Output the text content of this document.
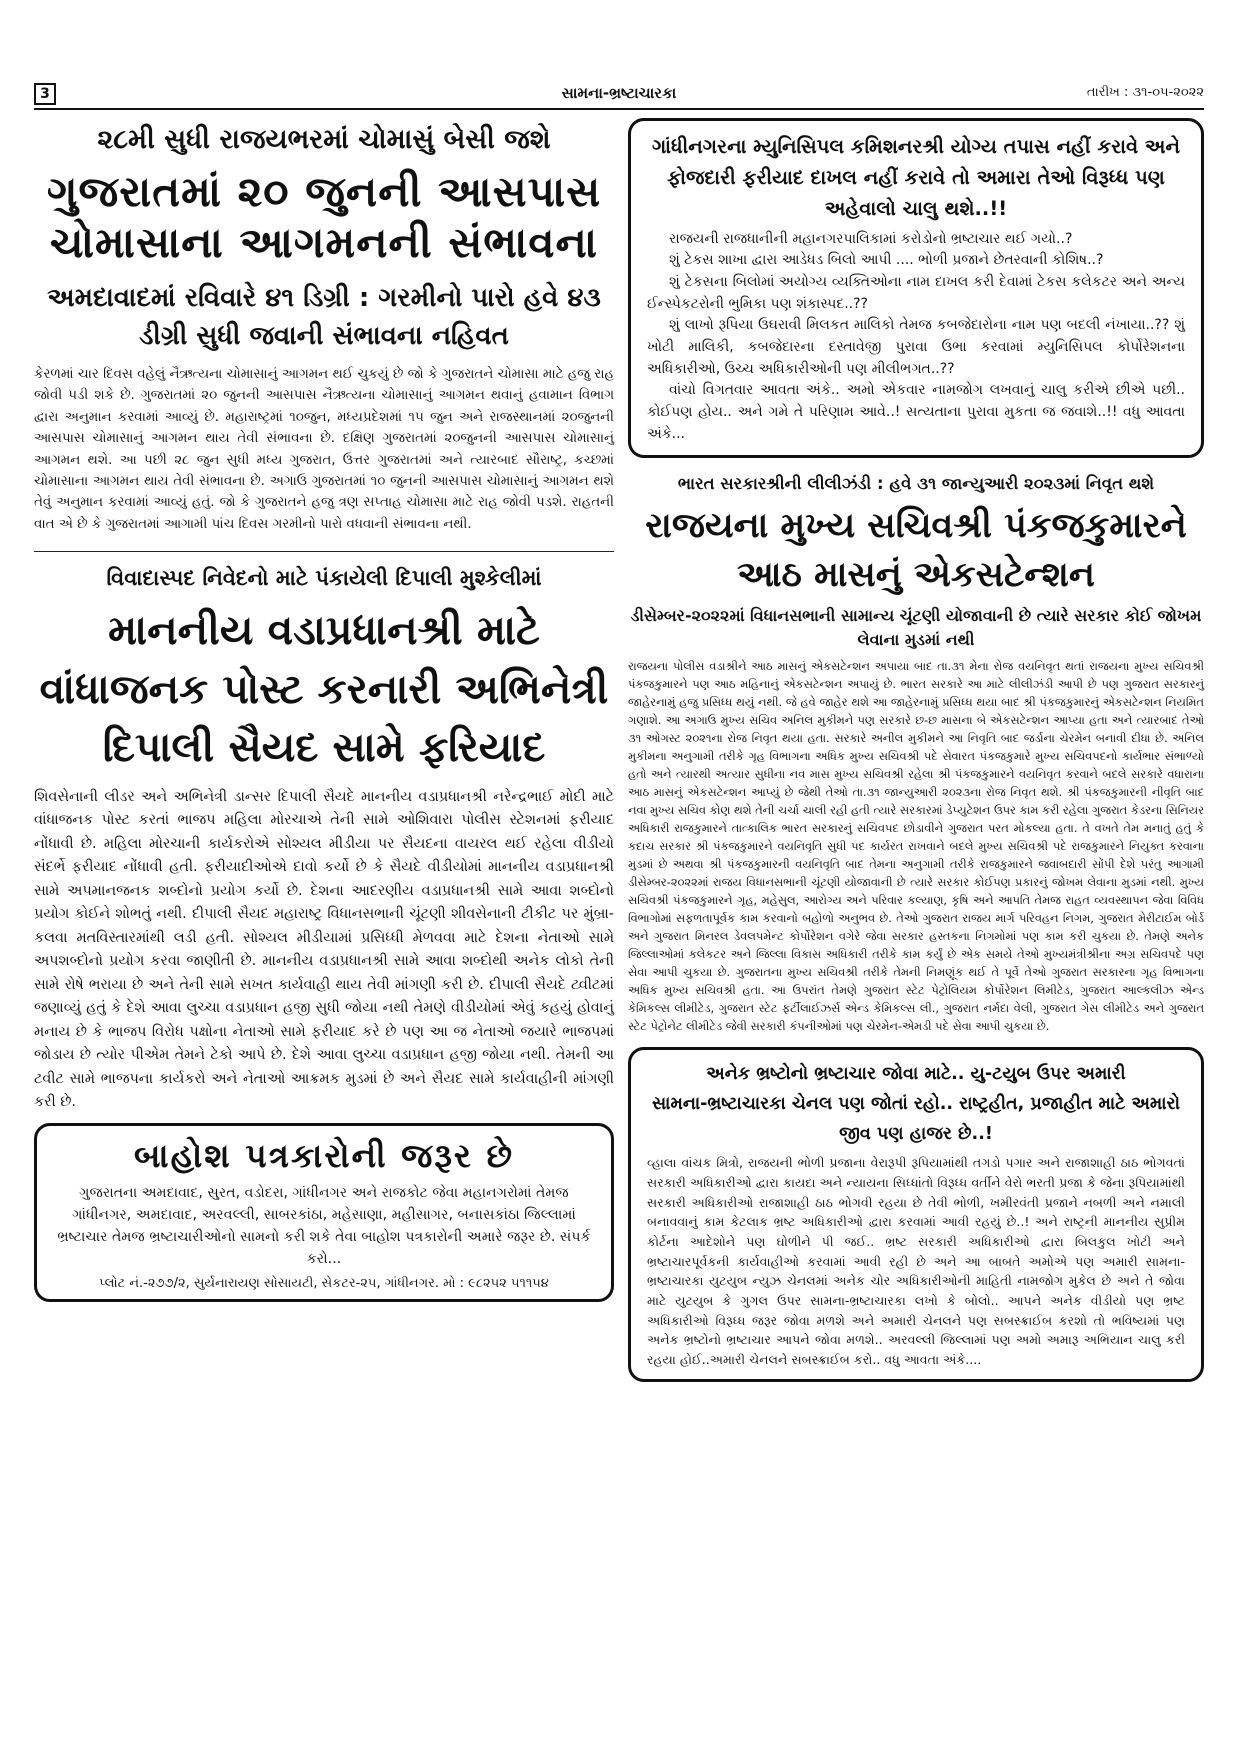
3	સામના-ભ્રષ્ટાચારકા	તારીખ : ૩૧-૦૫-૨૦૨૨
૨૮મી સુધી રાજયભરમાં ચોમાસું બેસી જશે
ગુજરાતમાં ૨૦ જુનની આસપાસ ચોમાસાના આગમનની સંભાવના
અમદાવાદમાં રવિવારે ૪૧ ડિગ્રી : ગરમીનો પારો હવે ૪૩ ડીગ્રી સુધી જવાની સંભાવના નહિવત

કેરળમાં ચાર દિવસ વહેલું નૈઋત્યના ચોમાસાનું આગમન થઈ ચુકયું છે જો કે ગુજરાતને ચોમાસા માટે હજુ રાહ જોવી પડી શકે છે. ગુજરાતમાં ૨૦ જુનની આસપાસ નૈઋત્યના ચોમાસાનું આગમન થવાનું હવામાન વિભાગ દ્વારા અનુમાન કરવામાં આવ્યું છે. મહારાષ્ટ્રમાં ૧૦જુન, મધ્યપ્રદેશમાં ૧૫ જુન અને રાજસ્થાનમાં ૨૦જુનની આસપાસ ચોમાસાનું આગમન થાય તેવી સંભાવના છે. દક્ષિણ ગુજરાતમાં ૨૦જુનની આસપાસ ચોમાસાનું આગમન થશે. આ પછી ૨૮ જુન સુધી મધ્ય ગુજરાત, ઉત્તર ગુજરાતમાં અને ત્યારબાદ સૌરાષ્ટ્ર, કચ્છમાં ચોમાસાના આગમન થાય તેવી સંભાવના છે. અગાઉ ગુજરાતમાં ૧૦ જુનની આસપાસ ચોમાસાનું આગમન થશે તેવું અનુમાન કરવામાં આવ્યું હતું. જો કે ગુજરાતને હજુ ત્રણ સપ્તાહ ચોમાસા માટે રાહ જોવી પડશે. રાહતની વાત એ છે કે ગુજરાતમાં આગામી પાંચ દિવસ ગરમીનો પારો વધવાની સંભાવના નથી.

વિવાદાસ્પદ નિવેદનો માટે પંકાયેલી દિપાલી મુશ્કેલીમાં
માનનીય વડાપ્રધાનશ્રી માટે વાંધાજનક પોસ્ટ કરનારી અભિનેત્રી દિપાલી સૈયદ સામે ફરિયાદ

શિવસેનાની લીડર અને અભિનેત્રી ડાન્સર દિપાલી સૈયદે માનનીય વડાપ્રધાનશ્રી નરેન્દ્રભાઈ મોદી માટે વાંધાજનક પોસ્ટ કરતાં ભાજપ મહિલા મોરચાએ તેની સામે ઓશિવારા પોલીસ સ્ટેશનમાં ફરીયાદ નોંધાવી છે. મહિલા મોરચાની કાર્યકરોએ સોશ્યલ મીડીયા પર સૈયદના વાયરલ થઈ રહેલા વીડીયો સંદર્ભે ફરીયાદ નોંધાવી હતી. ફરીયાદીઓએ દાવો કર્યો છે કે સૈયદે વીડીયોમાં માનનીય વડાપ્રધાનશ્રી સામે અપમાનજનક શબ્દોનો પ્રયોગ કર્યો છે. દેશના આદરણીય વડાપ્રધાનશ્રી સામે આવા શબ્દોનો પ્રયોગ કોઈને શોભતું નથી. દીપાલી સૈયદ મહારાષ્ટ્ર વિધાનસભાની ચૂંટણી શીવસેનાની ટીકીટ પર મુંબ્રા-કલવા મતવિસ્તારમાંથી લડી હતી. સોશ્યલ મીડીયામાં પ્રસિધ્ધી મેળવવા માટે દેશના નેતાઓ સામે અપશબ્દોનો પ્રયોગ કરવા જાણીતી છે. માનનીય વડાપ્રધાનશ્રી સામે આવા શબ્દોથી અનેક લોકો તેની સામે રોષે ભરાયા છે અને તેની સામે સખત કાર્યવાહી થાય તેવી માંગણી કરી છે. દીપાલી સૈયદે ટ્વીટમાં જણાવ્યું હતું કે દેશે આવા લુચ્ચા વડાપ્રધાન હજી સુધી જોયા નથી તેમણે વીડીયોમાં એવું કહયું હોવાનું મનાય છે કે ભાજપ વિરોધ પક્ષોના નેતાઓ સામે ફરીયાદ કરે છે પણ આ જ નેતાઓ જયારે ભાજપમાં જોડાય છે ત્યોર પીએમ તેમને ટેકો આપે છે. દેશે આવા લુચ્ચા વડાપ્રધાન હજી જોયા નથી. તેમની આ ટવીટ સામે ભાજપના કાર્યકરો અને નેતાઓ આક્રમક મુડમાં છે અને સૈયદ સામે કાર્યવાહીની માંગણી કરી છે.

બાહોશ પત્રકારોની જરૂર છે

ગુજરાતના અમદાવાદ, સુરત, વડોદરા, ગાંધીનગર અને રાજકોટ જેવા મહાનગરોમાં તેમજ ગાંધીનગર, અમદાવાદ, અરવલ્લી, સાબરકાંઠા, મહેસાણા, મહીસાગર, બનાસકાંઠા જિલ્લામાં ભ્રષ્ટાચાર તેમજ ભ્રષ્ટાચારીઓનો સામનો કરી શકે તેવા બાહોશ પત્રકારોની અમારે જરૂર છે. સંપર્ક કરો...

પ્લોટ નં.-૨૭૭/૨, સુર્યનારાયણ સોસાયટી, સેકટર-૨૫, ગાંધીનગર. મો : ૯૮૨૫૨ ૫૧૧૫૪

ગાંધીનગરના મ્યુનિસિપલ કમિશનરશ્રી યોગ્ય તપાસ નહીં કરાવે અને ફોજદારી ફરીયાદ દાખલ નહીં કરાવે તો અમારા તેઓ વિરૂધ્ધ પણ અહેવાલો ચાલુ થશે..!!

રાજયની રાજધાનીની મહાનગરપાલિકામાં કરોડોનો ભ્રષ્ટાચાર થઈ ગયો..?

શું ટેકસ શાખા દ્વારા આડેધડ બિલો આપી .... ભોળી પ્રજાને છેતરવાની કોશિષ..?

શું ટેકસના બિલોમાં અયોગ્ય વ્યક્તિઓના નામ દાખલ કરી દેવામાં ટેકસ કલેકટર અને અન્ય ઈન્સ્પેકટરોની ભુમિકા પણ શંકાસ્પદ..??

શું લાખો રૂપિયા ઉઘરાવી મિલકત માલિકો તેમજ કબજેદારોના નામ પણ બદલી નંખાયા..?? શું ખોટી માલિકી, કબજેદારના દસ્તાવેજી પુરાવા ઉભા કરવામાં મ્યુનિસિપલ કોર્પોરેશનના અધિકારીઓ, ઉચ્ચ અધિકારીઓની પણ મીલીભગત..??

વાંચો વિગતવાર આવતા અંકે.. અમો એકવાર નામજોગ લખવાનું ચાલુ કરીએ છીએ પછી.. કોઈપણ હોય.. અને ગમે તે પરિણામ આવે..! સત્યતાના પુરાવા મુકતા જ જવાશે..!! વધુ આવતા અંકે...

ભારત સરકારશ્રીની લીલીઝંડી : હવે ૩૧ જાન્યુઆરી ૨૦૨૩માં નિવૃત થશે
રાજયના મુખ્ય સચિવશ્રી પંકજકુમારને આઠ માસનું એકસટેન્શન
ડીસેમ્બર-૨૦૨૨માં વિધાનસભાની સામાન્ય ચૂંટણી યોજાવાની છે ત્યારે સરકાર કોઈ જોખમ લેવાના મુડમાં નથી

રાજયના પોલીસ વડાશ્રીને આઠ માસનું એકસટેન્શન અપાયા બાદ તા.૩૧ મેના રોજ વયનિવૃત થતાં રાજયના મુખ્ય સચિવશ્રી પંકજકુમારને પણ આઠ મહિનાનું એકસટેન્શન અપાયું છે. ભારત સરકારે આ માટે લીલીઝંડી આપી છે પણ ગુજરાત સરકારનું જાહેરનામું હજુ પ્રસિધ્ધ થયું નથી. જે હવે જાહેર થશે આ જાહેરનામું પ્રસિધ્ધ થયા બાદ શ્રી પંકજકુમારનું એકસટેન્શન નિયમિત ગણાશે. આ અગાઉ મુખ્ય સચિવ અનિલ મુકીમને પણ સરકારે છ-છ માસના બે એકસટેન્શન આપ્યા હતા અને ત્યારબાદ તેઓ ૩૧ ઓગસ્ટ ૨૦૨૧ના રોજ નિવૃત થયા હતા. સરકારે અનીલ મુકીમને આ નિવૃતિ બાદ જર્ડાના ચેરમેન બનાવી દીધા છે. અનિલ મુકીમના અનુગામી તરીકે ગૃહ વિભાગના અધિક મુખ્ય સચિવશ્રી પદે સેવારત પંકજકુમારે મુખ્ય સચિવપદનો કાર્યભાર સંભાળ્યો હતો અને ત્યારથી અત્યાર સુધીના નવ માસ મુખ્ય સચિવશ્રી રહેલા શ્રી પંકજકુમારને વયનિવૃત કરવાને બદલે સરકારે વધારાના આઠ માસનું એકસટેન્શન આપ્યું છે જેથી તેઓ તા.૩૧ જાન્યુઆરી ૨૦૨૩ના રોજ નિવૃત થશે. શ્રી પંકજકુમારની નીવૃતિ બાદ નવા મુખ્ય સચિવ કોણ થશે તેની ચર્ચા ચાલી રહી હતી ત્યારે સરકારમાં ડેપ્યુટેશન ઉપર કામ કરી રહેલા ગુજરાત કેડરના સિનિયર અધિકારી રાજકુમારને તાત્કાલિક ભારત સરકારનું સચિવપદ છોડાવીને ગુજરાત પરત મોકલ્યા હતા. તે વખતે તેમ મનાતું હતું કે કદાચ સરકાર શ્રી પંકજકુમારને વયનિવૃતિ સુધી પદ કાર્યરત રાખવાને બદલે મુખ્ય સચિવશ્રી પદે રાજકુમારને નિયુક્ત કરવાના મુડમાં છે અથવા શ્રી પંકજકુમારની વયનિવૃતિ બાદ તેમના અનુગામી તરીકે રાજકુમારને જવાબદારી સોંપી દેશે પરંતુ આગામી ડીસેમ્બર-૨૦૨૨માં રાજય વિધાનસભાની ચૂંટણી યોજાવાની છે ત્યારે સરકાર કોઈપણ પ્રકારનું જોખમ લેવાના મુડમાં નથી. મુખ્ય સચિવશ્રી પંકજકુમારને ગૃહ, મહેસુલ, આરોગ્ય અને પરિવાર કલ્યાણ, કૃષિ અને આપતિ તેમજ રાહત વ્યવસ્થાપન જેવા વિવિધ વિભાગોમાં સફળતાપૂર્વક કામ કરવાનો બહોળો અનુભવ છે. તેઓ ગુજરાત રાજય માર્ગ પરિવહન નિગમ, ગુજરાત મેરીટાઈમ બોર્ડ અને ગુજરાત મિનરલ ડેવલપમેન્ટ કોર્પોરેશન વગેરે જેવા સરકાર હસ્તકના નિગમોમાં પણ કામ કરી ચુકયા છે. તેમણે અનેક જિલ્લાઓમાં કલેકટર અને જિલ્લા વિકાસ અધિકારી તરીકે કામ કર્યું છે એક સમયે તેઓ મુખ્યમંત્રીશ્રીના અગ્ર સચિવપદે પણ સેવા આપી ચુકયા છે. ગુજરાતના મુખ્ય સચિવશ્રી તરીકે તેમની નિમણૂંક થઈ તે પૂર્વે તેઓ ગુજરાત સરકારના ગૃહ વિભાગના અધિક મુખ્ય સચિવશ્રી હતા. આ ઉપરાંત તેમણે ગુજરાત સ્ટેટ પેટ્રોલિયમ કોર્પોરેશન લિમીટેડ, ગુજરાત આલ્કલીઝ એન્ડ કેમિકલ્સ લીમીટેડ, ગુજરાત સ્ટેટ ફર્ટીલાઈઝર્સ એન્ડ કેમિકલ્સ લી., ગુજરાત નર્મદા વેલી, ગુજરાત ગેસ લીમીટેડ અને ગુજરાત સ્ટેટ પેટ્રોનેટ લીમીટેડ જેવી સરકારી કંપનીઓમાં પણ ચેરમેન-એમડી પદે સેવા આપી ચુકયા છે.

અનેક ભ્રષ્ટોનો ભ્રષ્ટાચાર જોવા માટે.. યુ-ટયુબ ઉપર અમારી
સામના-ભ્રષ્ટાચારકા ચેનલ પણ જોતાં રહો.. રાષ્ટ્રહીત, પ્રજાહીત માટે અમારો જીવ પણ હાજર છે..!

વ્હાલા વાંચક મિત્રો, રાજયની ભોળી પ્રજાના વેરારૂપી રૂપિયામાંથી તગડો પગાર અને રાજાશાહી ઠાઠ ભોગવતાં સરકારી અધિકારીઓ દ્વારા કાયદા અને ન્યાયના સિધ્ધાંતો વિરૂધ્ધ વર્તીને વેરો ભરતી પ્રજા કે જેના રૂપિયામાંથી સરકારી અધિકારીઓ રાજાશાહી ઠાઠ ભોગવી રહયા છે તેવી ભોળી, ખમીરવંતી પ્રજાને નબળી અને નમાલી બનાવવાનું કામ કેટલાક ભ્રષ્ટ અધિકારીઓ દ્વારા કરવામાં આવી રહયું છે..! અને રાષ્ટ્રની માનનીય સુપ્રીમ કોર્ટના આદેશોને પણ ઘોળીને પી જઈ.. ભ્રષ્ટ સરકારી અધિકારીઓ દ્વારા બિલકુલ ખોટી અને ભ્રષ્ટાચારપૂર્વકની કાર્યવાહીઓ કરવામાં આવી રહી છે અને આ બાબતે અમોએ પણ અમારી સામના-ભ્રષ્ટાચારકા યુટયુબ ન્યુઝ ચેનલમાં અનેક ચોર અધિકારીઓની માહિતી નામજોગ મુકેલ છે અને તે જોવા માટે યુટયુબ કે ગુગલ ઉપર સામના-ભ્રષ્ટાચારકા લખો કે બોલો.. આપને અનેક વીડીયો પણ ભ્રષ્ટ અધિકારીઓ વિરૂધ્ધ જરૂર જોવા મળશે અને અમારી ચેનલને પણ સબસ્ક્રાઈબ કરશો તો ભવિષ્યમાં પણ અનેક ભ્રષ્ટોનો ભ્રષ્ટાચાર આપને જોવા મળશે.. અરવલ્લી જિલ્લામાં પણ અમો અમારૂ અભિયાન ચાલુ કરી રહયા હોઈ..અમારી ચેનલને સબસ્ક્રાઈબ કરો.. વધુ આવતા અંકે....
